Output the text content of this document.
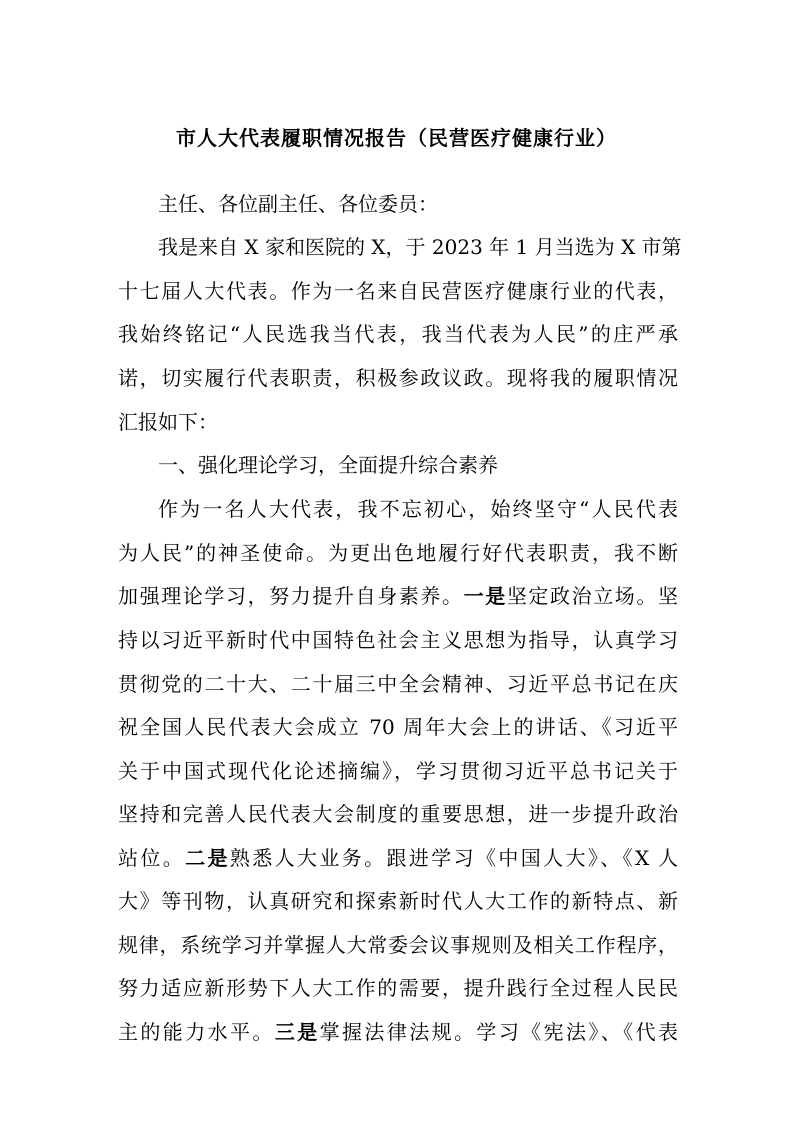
市人大代表履职情况报告（民营医疗健康行业）
主任、各位副主任、各位委员：
我是来自 X 家和医院的 X，于 2023 年 1 月当选为 X 市第
十七届人大代表。作为一名来自民营医疗健康行业的代表，
我始终铭记“人民选我当代表，我当代表为人民”的庄严承
诺，切实履行代表职责，积极参政议政。现将我的履职情况
汇报如下：
一、强化理论学习，全面提升综合素养
作为一名人大代表，我不忘初心，始终坚守“人民代表
为人民”的神圣使命。为更出色地履行好代表职责，我不断
加强理论学习，努力提升自身素养。一是坚定政治立场。坚
持以习近平新时代中国特色社会主义思想为指导，认真学习
贯彻党的二十大、二十届三中全会精神、习近平总书记在庆
祝全国人民代表大会成立 70 周年大会上的讲话、《习近平
关于中国式现代化论述摘编》，学习贯彻习近平总书记关于
坚持和完善人民代表大会制度的重要思想，进一步提升政治
站位。二是熟悉人大业务。跟进学习《中国人大》、《X 人
大》等刊物，认真研究和探索新时代人大工作的新特点、新
规律，系统学习并掌握人大常委会议事规则及相关工作程序，
努力适应新形势下人大工作的需要，提升践行全过程人民民
主的能力水平。三是掌握法律法规。学习《宪法》、《代表
